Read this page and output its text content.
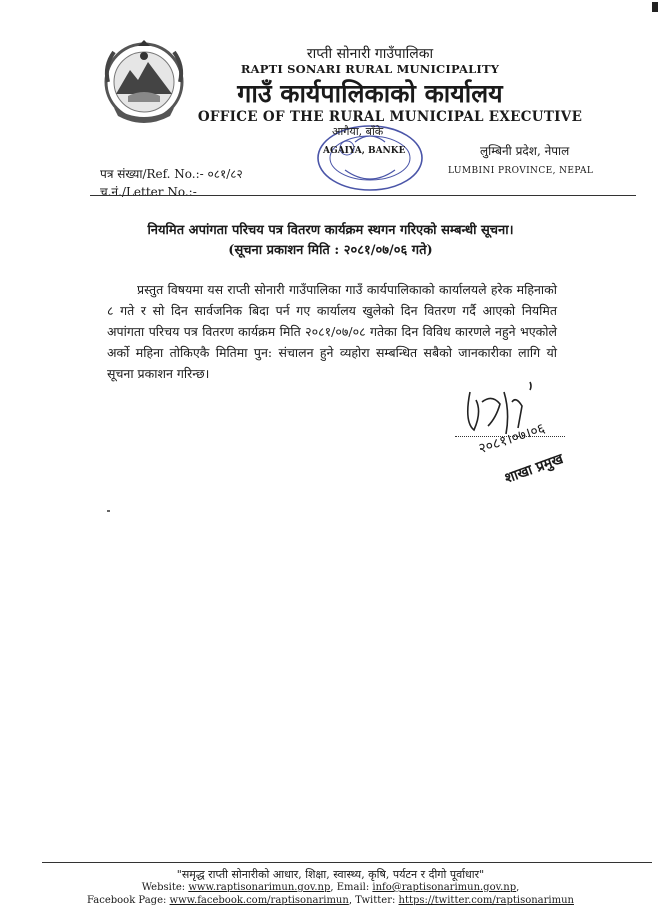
राप्ती सोनारी गाउँपालिका
RAPTI SONARI RURAL MUNICIPALITY
गाउँ कार्यपालिकाको कार्यालय
OFFICE OF THE RURAL MUNICIPAL EXECUTIVE
आगैया, बाँके
AGAIYA, BANKE	लुम्बिनी प्रदेश, नेपाल
LUMBINI PROVINCE, NEPAL
पत्र संख्या/Ref. No.:- ०८१/८२
च.नं./Letter No.:-
नियमित अपांगता परिचय पत्र वितरण कार्यक्रम स्थगन गरिएको सम्बन्धी सूचना।
(सूचना प्रकाशन मिति : २०८१/०७/०६ गते)
प्रस्तुत विषयमा यस राप्ती सोनारी गाउँपालिका गाउँ कार्यपालिकाको कार्यालयले हरेक महिनाको ८ गते र सो दिन सार्वजनिक बिदा पर्न गए कार्यालय खुलेको दिन वितरण गर्दै आएको नियमित अपांगता परिचय पत्र वितरण कार्यक्रम मिति २०८१/०७/०८ गतेका दिन विविध कारणले नहुने भएकोले अर्को महिना तोकिएकै मितिमा पुन: संचालन हुने व्यहोरा सम्बन्धित सबैको जानकारीका लागि यो सूचना प्रकाशन गरिन्छ।
२०८१।०७।०६
शाखा प्रमुख
"समृद्ध राप्ती सोनारीको आधार, शिक्षा, स्वास्थ्य, कृषि, पर्यटन र दीगो पूर्वाधार"
Website: www.raptisonarimun.gov.np, Email: info@raptisonarimun.gov.np,
Facebook Page: www.facebook.com/raptisonarimun, Twitter: https://twitter.com/raptisonarimun
